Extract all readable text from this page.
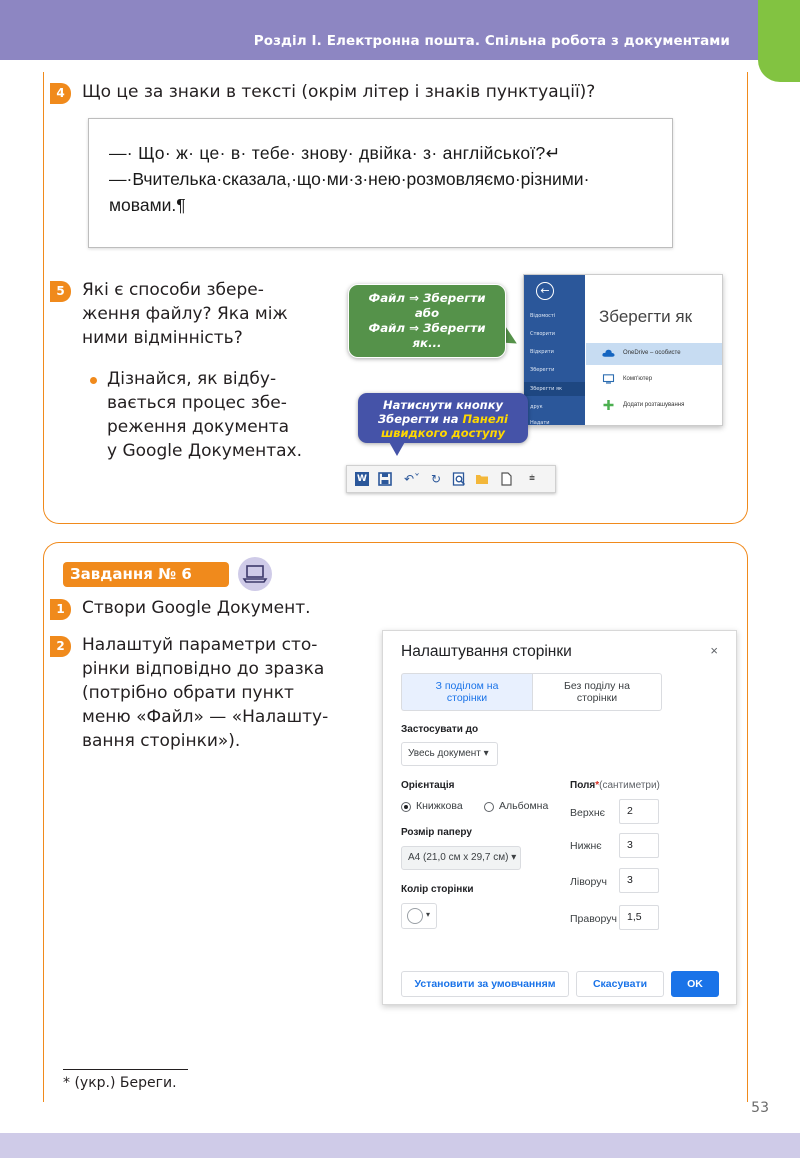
Розділ I. Електронна пошта. Спільна робота з документами
4	Що це за знаки в тексті (окрім літер і знаків пунктуації)?
—· Що· ж· це· в· тебе· знову· двійка· з· англійської?↵
—·Вчителька·сказала,·що·ми·з·нею·розмовляємо·різними·
мовами.¶
5	Які є способи збере-
ження файлу? Яка між
ними відмінність?
Дізнайся, як відбу-
вається процес збе-
реження документа
у Google Документах.
←
Відомості
Створити
Відкрити
Зберегти
Зберегти як
друк
Надати
Зберегти як
OneDrive – особисте
Комп'ютер
Додати розташування
Файл ⇒ Зберегти
або
Файл ⇒ Зберегти
як...
Натиснути кнопку
Зберегти на Панелі
швидкого доступу
W	↶ˇ ↻	⩧
Завдання № 6
1	Створи Google Документ.
2	Налаштуй параметри сто-
рінки відповідно до зразка
(потрібно обрати пункт
меню «Файл» — «Налашту-
вання сторінки»).
Налаштування сторінки	×
З поділом на
сторінки
Без поділу на
сторінки
Застосувати до
Увесь документ ▾
Орієнтація
Книжкова	Альбомна
Розмір паперу
A4 (21,0 см x 29,7 см) ▾
Колір сторінки
▾
Поля*(сантиметри)
Верхнє	2
Нижнє	3
Ліворуч	3
Праворуч 1,5
Установити за умовчанням	Скасувати	OK
* (укр.) Береги.
53
